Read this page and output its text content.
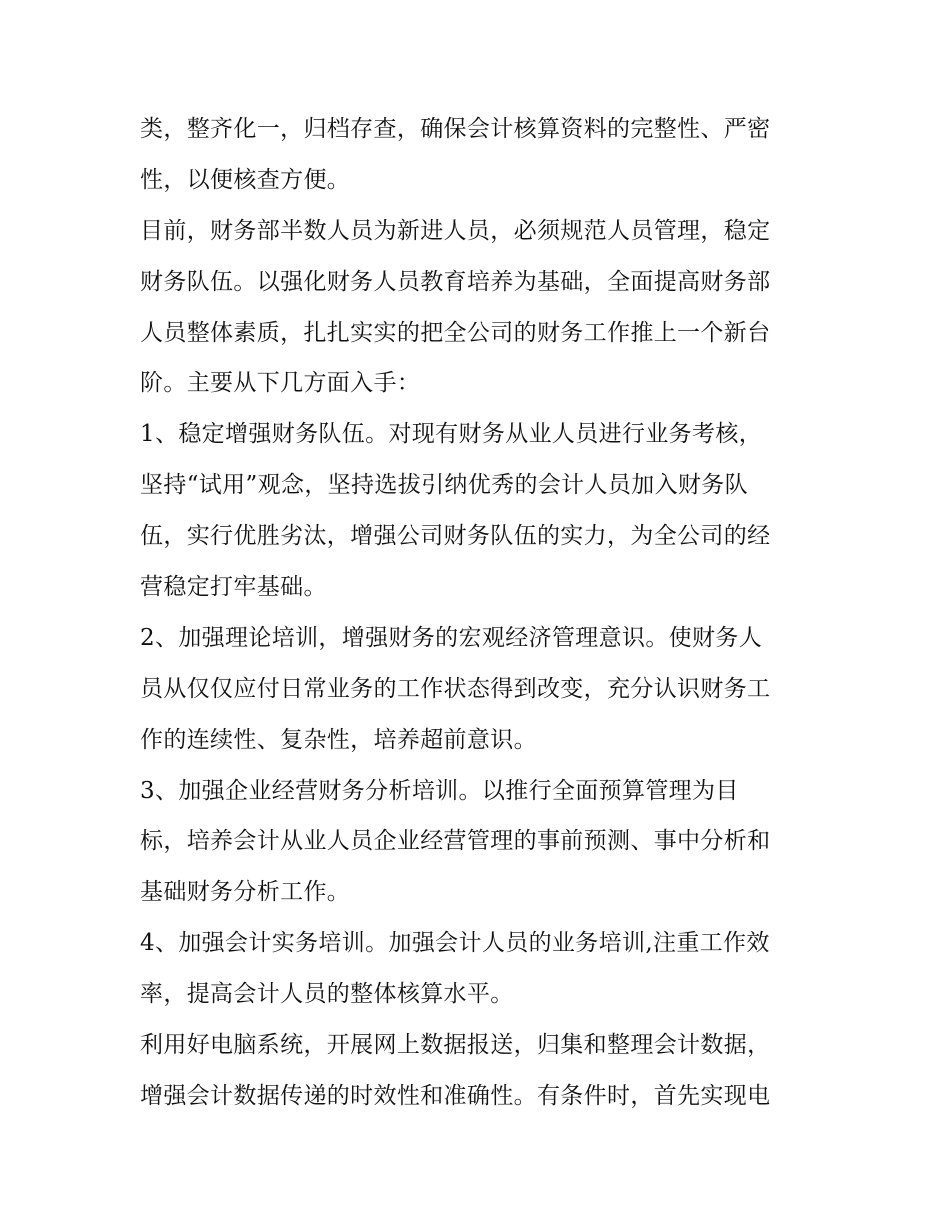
类，整齐化一，归档存查，确保会计核算资料的完整性、严密
性，以便核查方便。
目前，财务部半数人员为新进人员，必须规范人员管理，稳定
财务队伍。以强化财务人员教育培养为基础，全面提高财务部
人员整体素质，扎扎实实的把全公司的财务工作推上一个新台
阶。主要从下几方面入手：
1、稳定增强财务队伍。对现有财务从业人员进行业务考核，
坚持“试用”观念，坚持选拔引纳优秀的会计人员加入财务队
伍，实行优胜劣汰，增强公司财务队伍的实力，为全公司的经
营稳定打牢基础。
2、加强理论培训，增强财务的宏观经济管理意识。使财务人
员从仅仅应付日常业务的工作状态得到改变，充分认识财务工
作的连续性、复杂性，培养超前意识。
3、加强企业经营财务分析培训。以推行全面预算管理为目
标，培养会计从业人员企业经营管理的事前预测、事中分析和
基础财务分析工作。
4、加强会计实务培训。加强会计人员的业务培训,注重工作效
率，提高会计人员的整体核算水平。
利用好电脑系统，开展网上数据报送，归集和整理会计数据，
增强会计数据传递的时效性和准确性。有条件时，首先实现电
